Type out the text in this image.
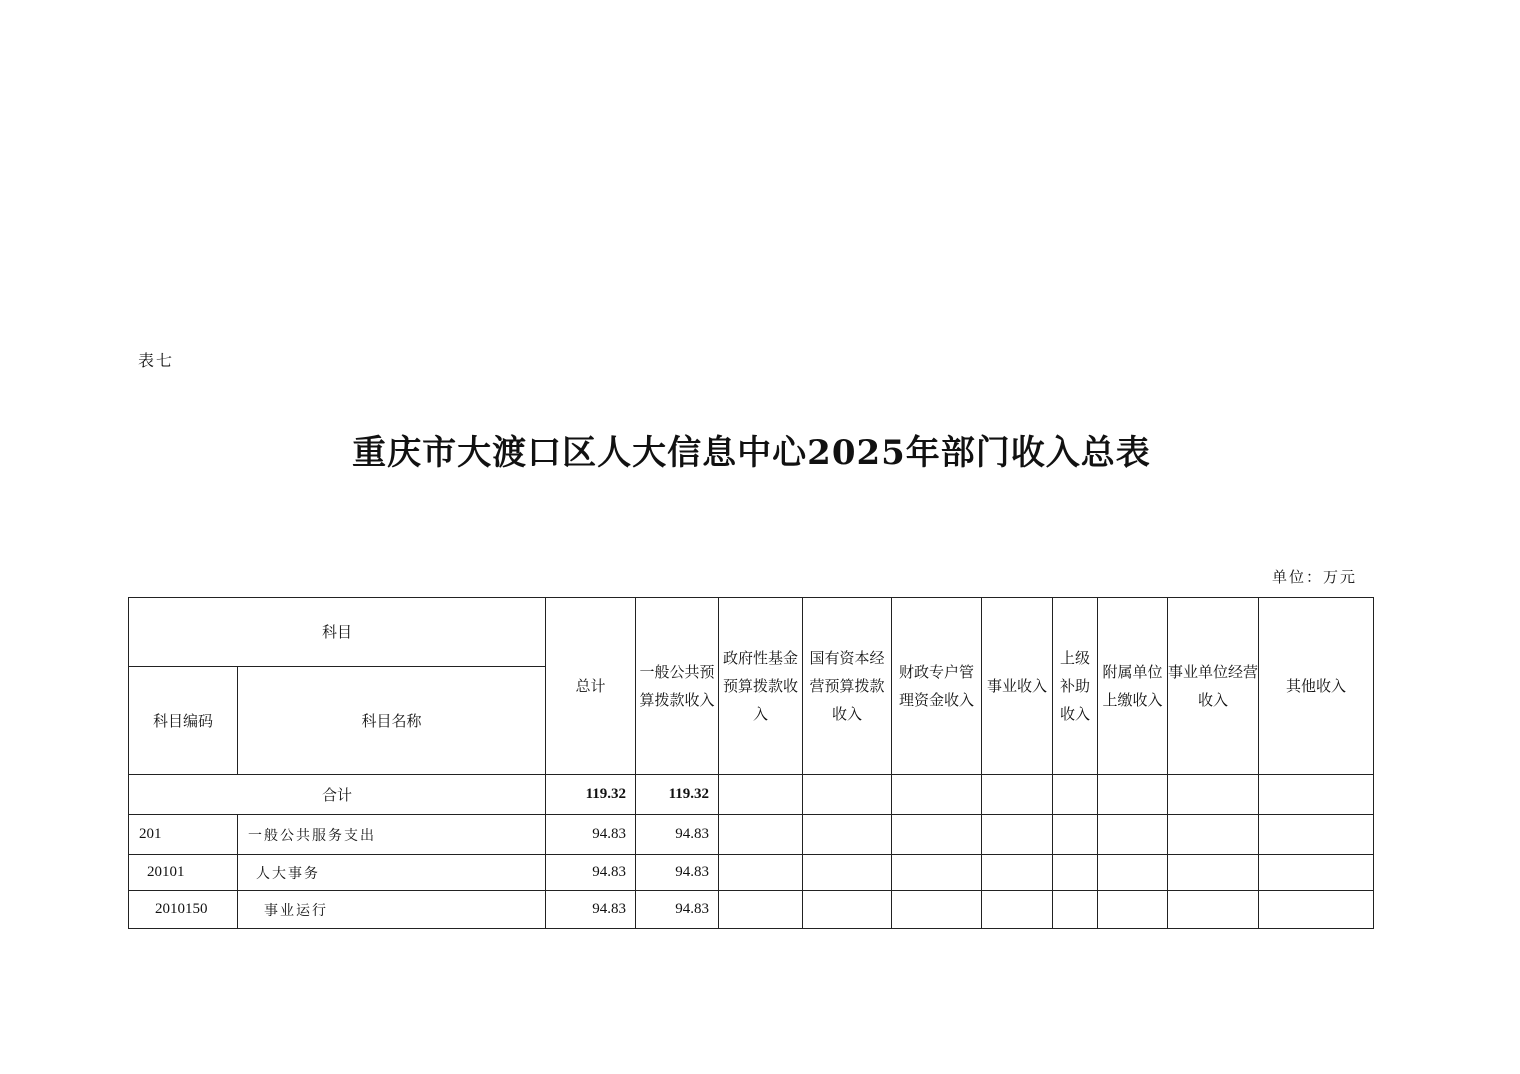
表七
重庆市大渡口区人大信息中心2025年部门收入总表
单位：万元
科目		总计	一般公共预算拨款收入	政府性基金预算拨款收入	国有资本经营预算拨款收入	财政专户管理资金收入	事业收入	上级补助收入	附属单位上缴收入	事业单位经营收入	其他收入
科目编码	科目名称										
合计		119.32	119.32								
201	一般公共服务支出	94.83	94.83								
20101	人大事务	94.83	94.83								
2010150	事业运行	94.83	94.83								
